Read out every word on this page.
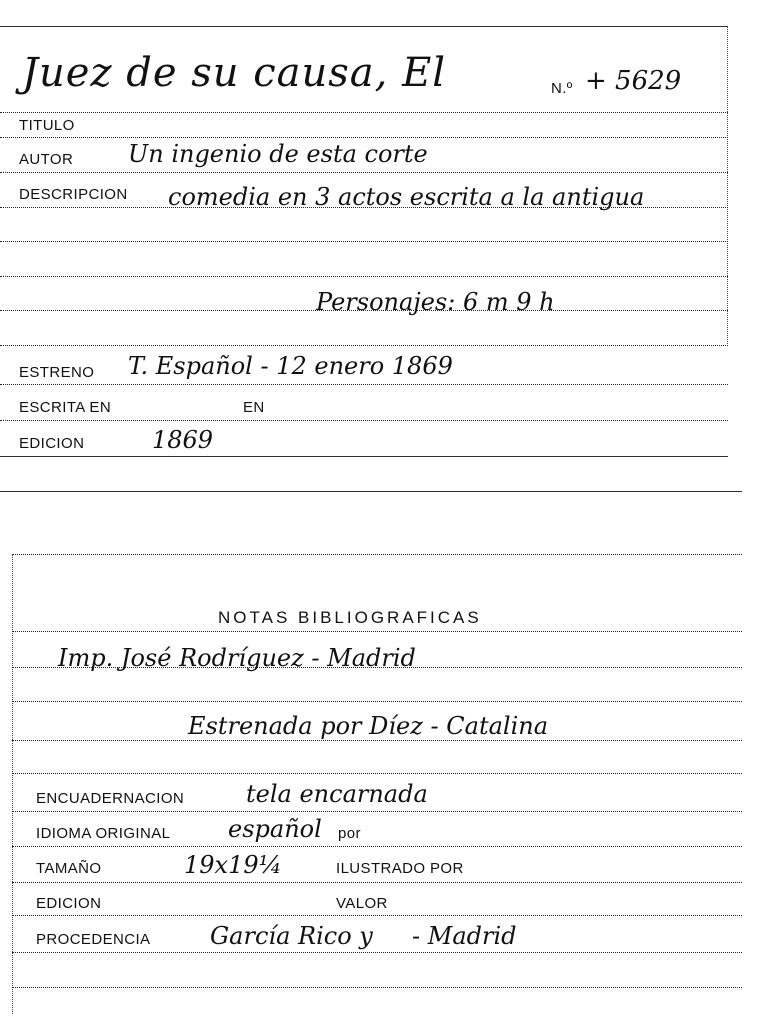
Juez de su causa, El	N.º + 5629
TITULO
AUTOR Un ingenio de esta corte
DESCRIPCION comedia en 3 actos escrita a la antigua
Personajes: 6 m 9 h
ESTRENO T. Español - 12 enero 1869
ESCRITA EN	EN
EDICION	1869
NOTAS BIBLIOGRAFICAS
Imp. José Rodríguez - Madrid
Estrenada por Díez - Catalina
ENCUADERNACION	tela encarnada
IDIOMA ORIGINAL español por
TAMAÑO	19x19¼	ILUSTRADO POR
EDICION	VALOR
PROCEDENCIA García Rico y - Madrid
